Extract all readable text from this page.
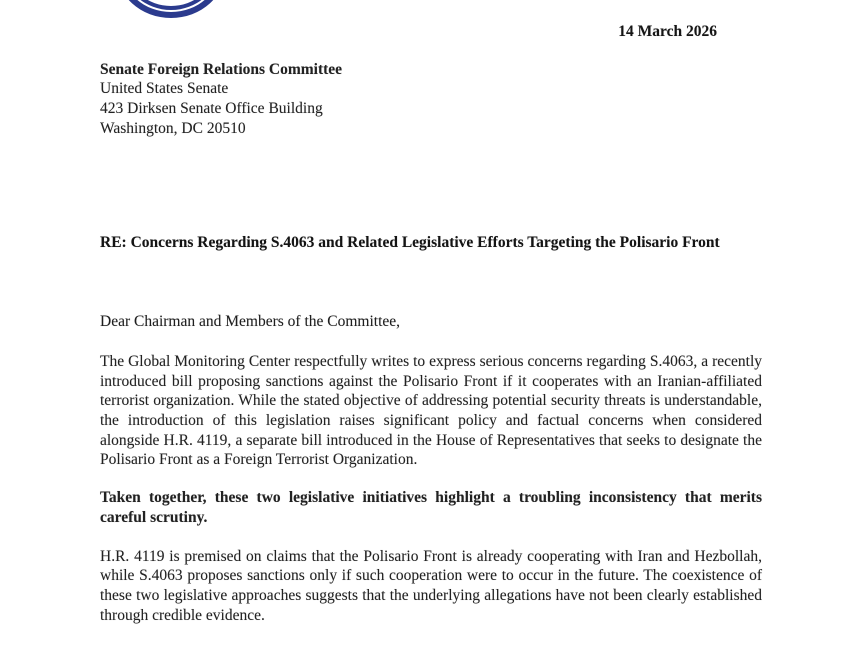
14 March 2026
Senate Foreign Relations Committee
United States Senate
423 Dirksen Senate Office Building
Washington, DC 20510
RE: Concerns Regarding S.4063 and Related Legislative Efforts Targeting the Polisario Front
Dear Chairman and Members of the Committee,

The Global Monitoring Center respectfully writes to express serious concerns regarding S.4063, a recently introduced bill proposing sanctions against the Polisario Front if it cooperates with an Iranian-affiliated terrorist organization. While the stated objective of addressing potential security threats is understandable, the introduction of this legislation raises significant policy and factual concerns when considered alongside H.R. 4119, a separate bill introduced in the House of Representatives that seeks to designate the Polisario Front as a Foreign Terrorist Organization.

Taken together, these two legislative initiatives highlight a troubling inconsistency that merits careful scrutiny.

H.R. 4119 is premised on claims that the Polisario Front is already cooperating with Iran and Hezbollah, while S.4063 proposes sanctions only if such cooperation were to occur in the future. The coexistence of these two legislative approaches suggests that the underlying allegations have not been clearly established through credible evidence.
